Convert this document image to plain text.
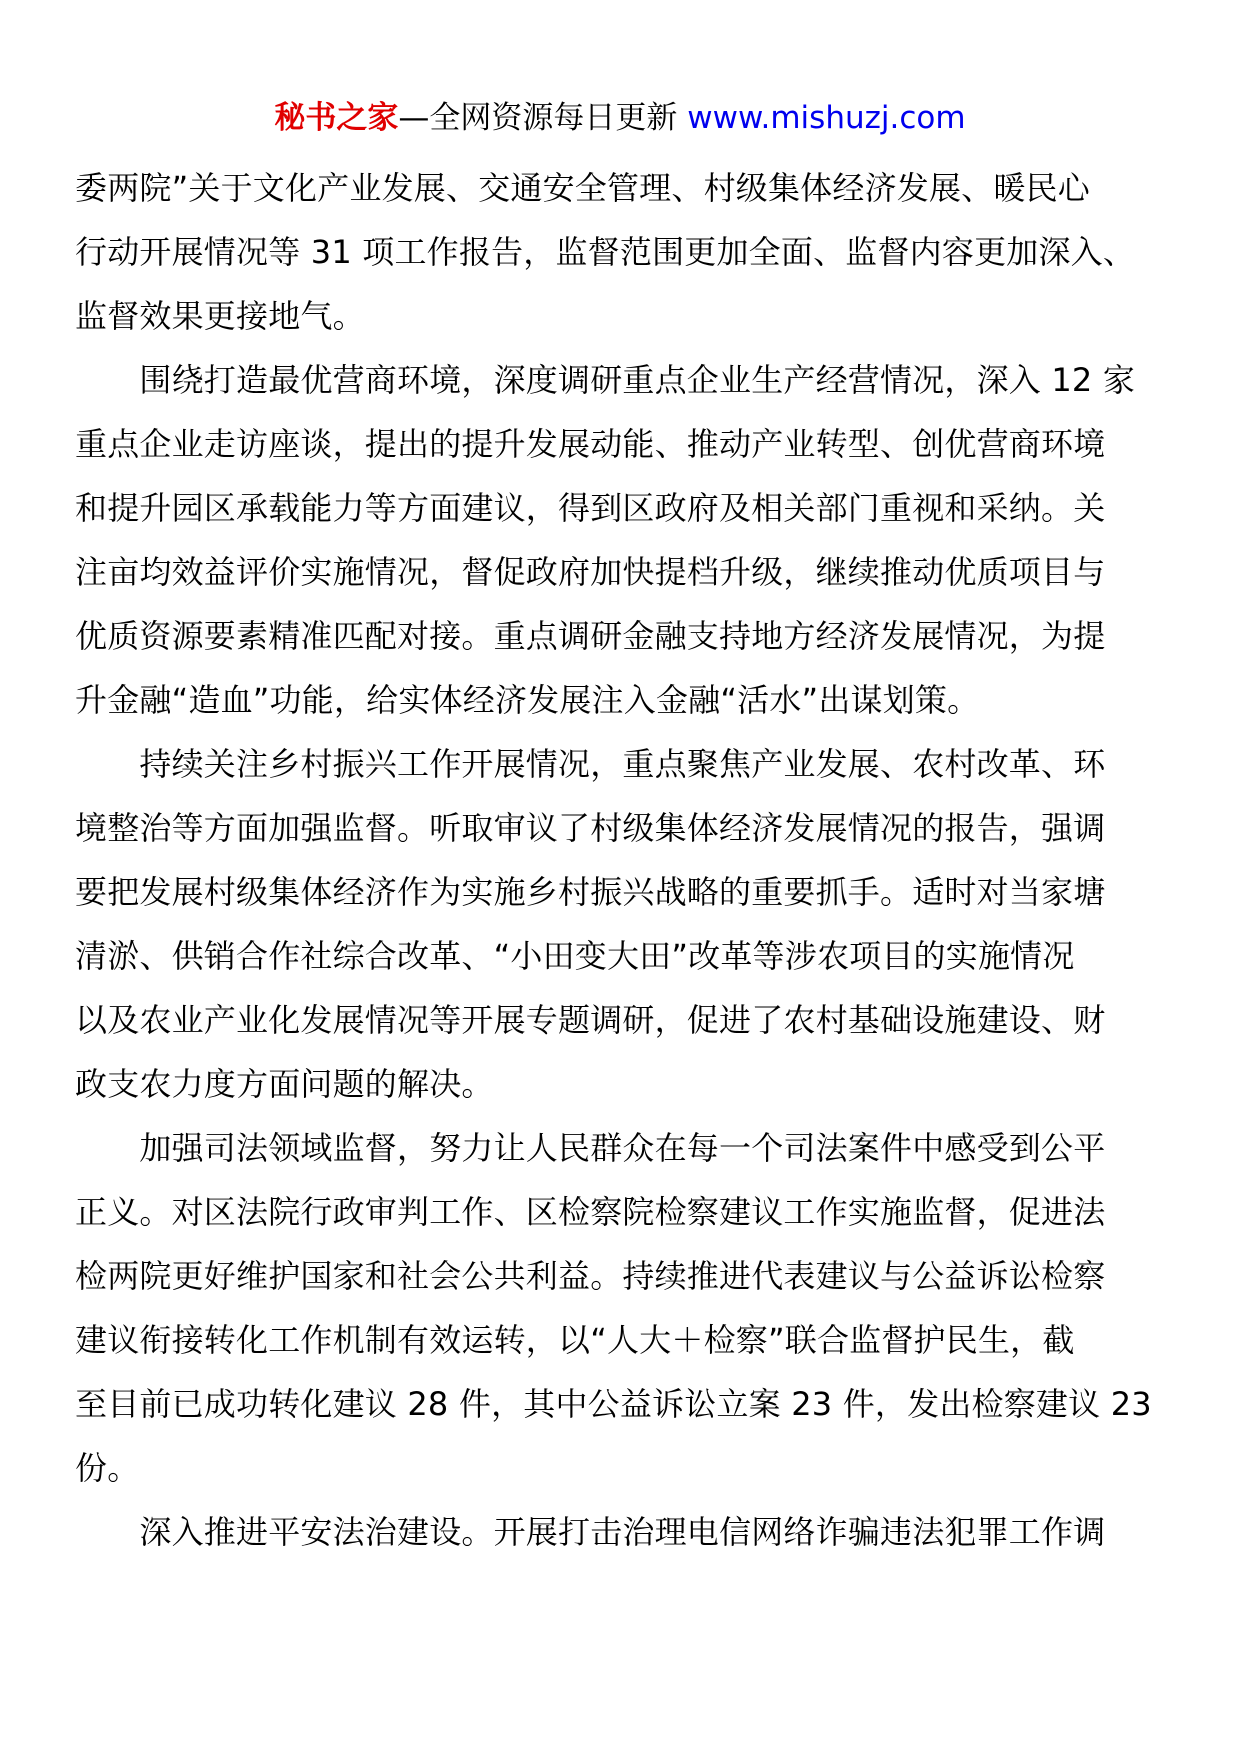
秘书之家—全网资源每日更新 www.mishuzj.com
委两院”关于文化产业发展、交通安全管理、村级集体经济发展、暖民心
行动开展情况等 31 项工作报告，监督范围更加全面、监督内容更加深入、
监督效果更接地气。
　　围绕打造最优营商环境，深度调研重点企业生产经营情况，深入 12 家
重点企业走访座谈，提出的提升发展动能、推动产业转型、创优营商环境
和提升园区承载能力等方面建议，得到区政府及相关部门重视和采纳。关
注亩均效益评价实施情况，督促政府加快提档升级，继续推动优质项目与
优质资源要素精准匹配对接。重点调研金融支持地方经济发展情况，为提
升金融“造血”功能，给实体经济发展注入金融“活水”出谋划策。
　　持续关注乡村振兴工作开展情况，重点聚焦产业发展、农村改革、环
境整治等方面加强监督。听取审议了村级集体经济发展情况的报告，强调
要把发展村级集体经济作为实施乡村振兴战略的重要抓手。适时对当家塘
清淤、供销合作社综合改革、“小田变大田”改革等涉农项目的实施情况
以及农业产业化发展情况等开展专题调研，促进了农村基础设施建设、财
政支农力度方面问题的解决。
　　加强司法领域监督，努力让人民群众在每一个司法案件中感受到公平
正义。对区法院行政审判工作、区检察院检察建议工作实施监督，促进法
检两院更好维护国家和社会公共利益。持续推进代表建议与公益诉讼检察
建议衔接转化工作机制有效运转，以“人大＋检察”联合监督护民生，截
至目前已成功转化建议 28 件，其中公益诉讼立案 23 件，发出检察建议 23
份。
　　深入推进平安法治建设。开展打击治理电信网络诈骗违法犯罪工作调
